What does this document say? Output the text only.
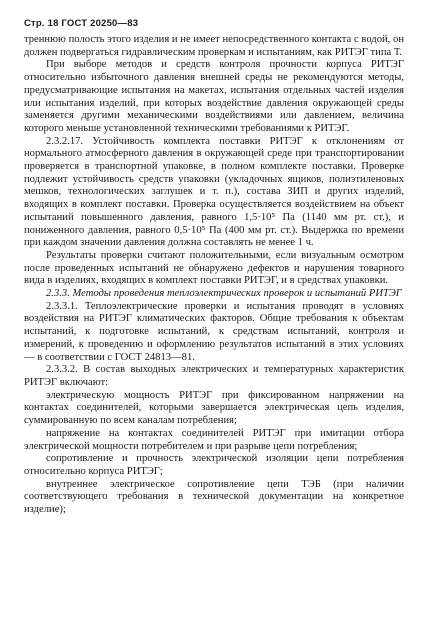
Стр. 18 ГОСТ 20250—83

треннюю полость этого изделия и не имеет непосредственного контакта с водой, он должен подвергаться гидравлическим проверкам и испытаниям, как РИТЭГ типа Т.

При выборе методов и средств контроля прочности корпуса РИТЭГ относительно избыточного давления внешней среды не рекомендуются методы, предусматривающие испытания на макетах, испытания отдельных частей изделия или испытания изделий, при которых воздействие давления окружающей среды заменяется другими механическими воздействиями или давлением, величина которого меньше установленной техническими требованиями к РИТЭГ.

2.3.2.17. Устойчивость комплекта поставки РИТЭГ к отклонениям от нормального атмосферного давления в окружающей среде при транспортировании проверяется в транспортной упаковке, в полном комплекте поставки. Проверке подлежит устойчивость средств упаковки (укладочных ящиков, полиэтиленовых мешков, технологических заглушек и т. п.), состава ЗИП и других изделий, входящих в комплект поставки. Проверка осуществляется воздействием на объект испытаний повышенного давления, равного 1,5·10⁵ Па (1140 мм рт. ст.), и пониженного давления, равного 0,5·10⁵ Па (400 мм рт. ст.). Выдержка по времени при каждом значении давления должна составлять не менее 1 ч.

Результаты проверки считают положительными, если визуальным осмотром после проведенных испытаний не обнаружено дефектов и нарушения товарного вида в изделиях, входящих в комплект поставки РИТЭГ, и в средствах упаковки.

2.3.3. Методы проведения теплоэлектрических проверок и испытаний РИТЭГ

2.3.3.1. Теплоэлектрические проверки и испытания проводят в условиях воздействия на РИТЭГ климатических факторов. Общие требования к объектам испытаний, к подготовке испытаний, к средствам испытаний, контроля и измерений, к проведению и оформлению результатов испытаний в этих условиях — в соответствии с ГОСТ 24813—81.

2.3.3.2. В состав выходных электрических и температурных характеристик РИТЭГ включают:

электрическую мощность РИТЭГ при фиксированном напряжении на контактах соединителей, которыми завершается электрическая цепь изделия, суммированную по всем каналам потребления;

напряжение на контактах соединителей РИТЭГ при имитации отбора электрической мощности потребителем и при разрыве цепи потребления;

сопротивление и прочность электрической изоляции цепи потребления относительно корпуса РИТЭГ;

внутреннее электрическое сопротивление цепи ТЭБ (при наличии соответствующего требования в технической документации на конкретное изделие);
